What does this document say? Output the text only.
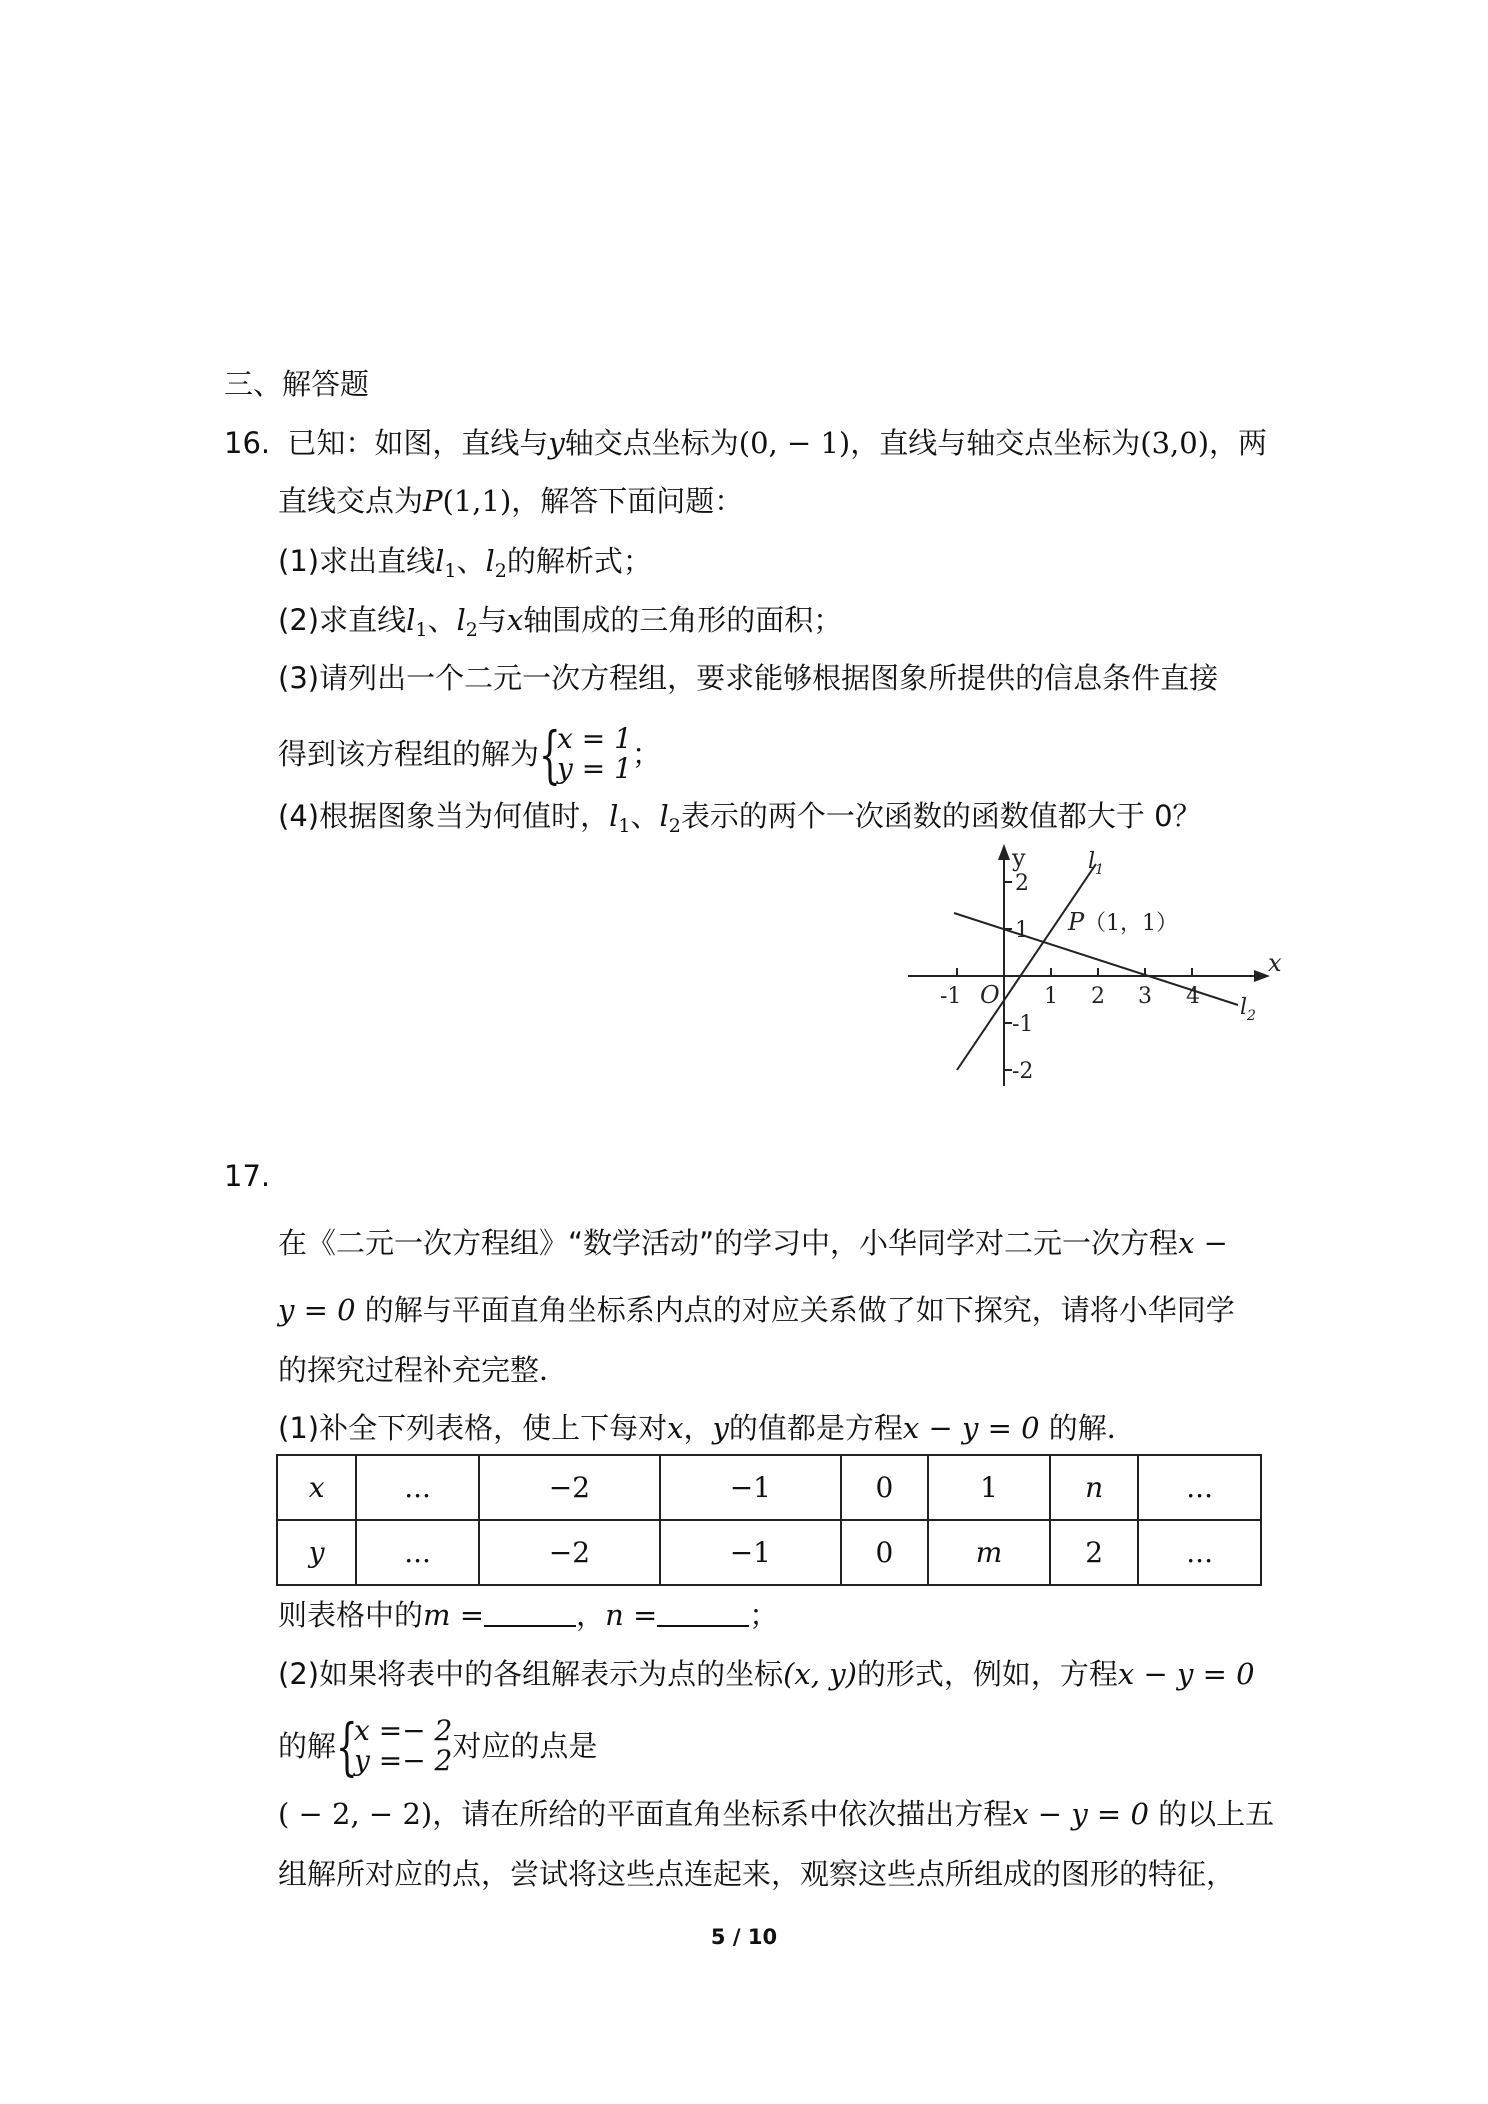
三、解答题
16. 已知：如图，直线与y轴交点坐标为(0, − 1)，直线与轴交点坐标为(3,0)，两
直线交点为P(1,1)，解答下面问题：
(1)求出直线$l_1$、$l_2$的解析式；
(2)求直线$l_1$、$l_2$与x轴围成的三角形的面积；
(3)请列出一个二元一次方程组，要求能够根据图象所提供的信息条件直接
得到该方程组的解为 {
x = 1
y = 1 ；
(4)根据图象当为何值时，$l_1$、$l_2$表示的两个一次函数的函数值都大于 0？
y
x
O
-1	1 2 3 4
2
1
-1
-2
P （1，1）
l 1
l 2
17.
在《二元一次方程组》“数学活动”的学习中，小华同学对二元一次方程x −
y = 0 的解与平面直角坐标系内点的对应关系做了如下探究，请将小华同学
的探究过程补充完整．
(1)补全下列表格，使上下每对x，y的值都是方程x − y = 0 的解．
x	...	−2	−1	0	1	n	...
y	...	−2	−1	0	m	2	...
则表格中的m =	，n =	；
(2)如果将表中的各组解表示为点的坐标(x, y)的形式，例如，方程x − y = 0
的解 {
x =− 2
y =− 2 对应的点是
( − 2, − 2)，请在所给的平面直角坐标系中依次描出方程x − y = 0 的以上五
组解所对应的点，尝试将这些点连起来，观察这些点所组成的图形的特征，
5 / 10
